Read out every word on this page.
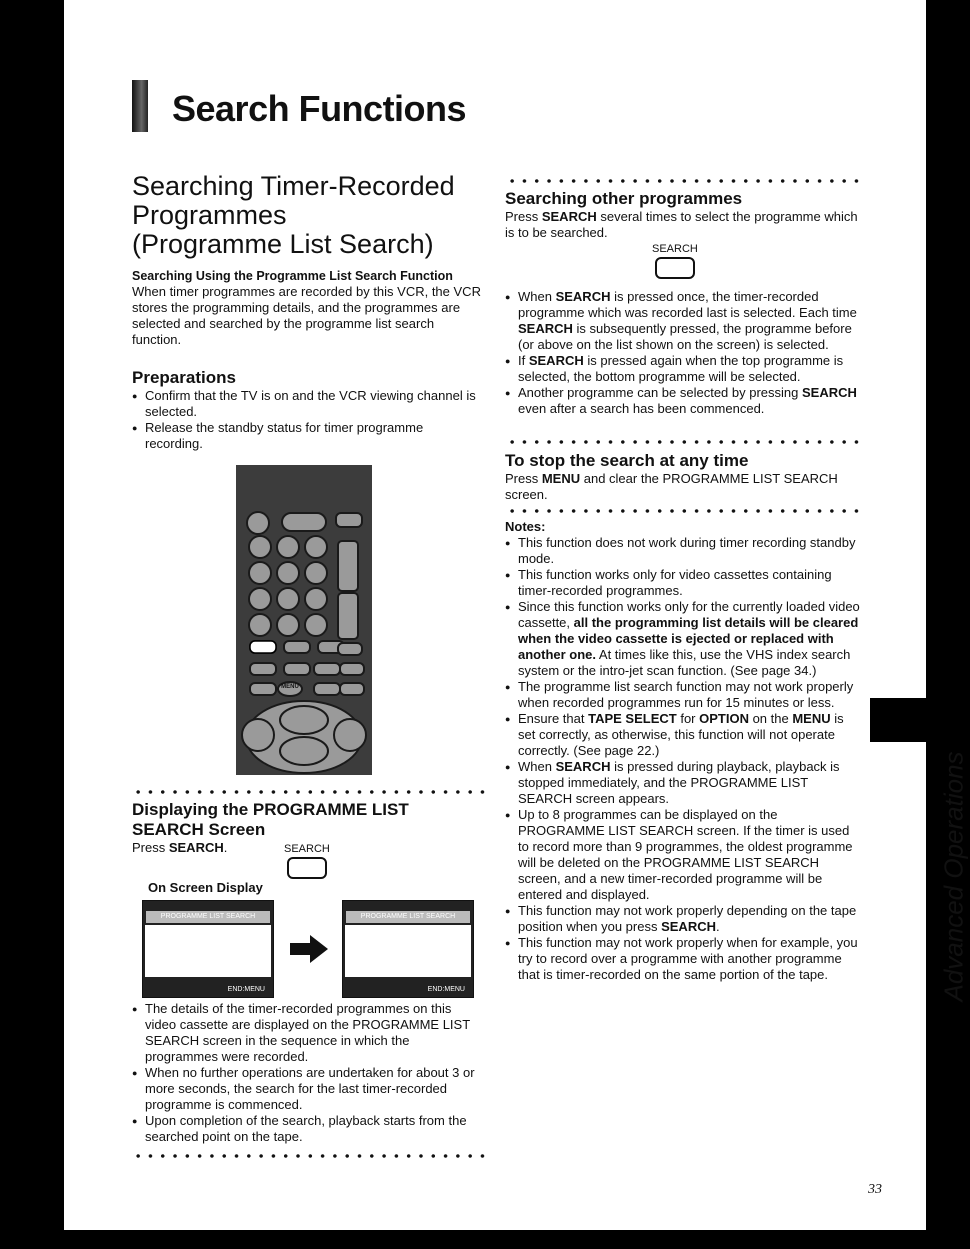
Search Functions
Searching Timer-Recorded
Programmes
(Programme List Search)

Searching Using the Programme List Search Function

When timer programmes are recorded by this VCR, the VCR stores the programming details, and the programmes are selected and searched by the programme list search function.

Preparations

● Confirm that the TV is on and the VCR viewing channel is selected.
● Release the standby status for timer programme recording.
MENU

Displaying the PROGRAMME LIST SEARCH Screen

Press SEARCH.	SEARCH

On Screen Display

PROGRAMME LIST SEARCH
END:MENU
PROGRAMME LIST SEARCH
END:MENU
● The details of the timer-recorded programmes on this video cassette are displayed on the PROGRAMME LIST SEARCH screen in the sequence in which the programmes were recorded.
● When no further operations are undertaken for about 3 or more seconds, the search for the last timer-recorded programme is commenced.
● Upon completion of the search, playback starts from the searched point on the tape.

Searching other programmes

Press SEARCH several times to select the programme which is to be searched.

SEARCH
● When SEARCH is pressed once, the timer-recorded programme which was recorded last is selected. Each time SEARCH is subsequently pressed, the programme before (or above on the list shown on the screen) is selected.
● If SEARCH is pressed again when the top programme is selected, the bottom programme will be selected.
● Another programme can be selected by pressing SEARCH even after a search has been commenced.

To stop the search at any time

Press MENU and clear the PROGRAMME LIST SEARCH screen.

Notes:

● This function does not work during timer recording standby mode.
● This function works only for video cassettes containing timer-recorded programmes.
● Since this function works only for the currently loaded video cassette, all the programming list details will be cleared when the video cassette is ejected or replaced with another one. At times like this, use the VHS index search system or the intro-jet scan function. (See page 34.)
● The programme list search function may not work properly when recorded programmes run for 15 minutes or less.
● Ensure that TAPE SELECT for OPTION on the MENU is set correctly, as otherwise, this function will not operate correctly. (See page 22.)
● When SEARCH is pressed during playback, playback is stopped immediately, and the PROGRAMME LIST SEARCH screen appears.
● Up to 8 programmes can be displayed on the PROGRAMME LIST SEARCH screen. If the timer is used to record more than 9 programmes, the oldest programme will be deleted on the PROGRAMME LIST SEARCH screen, and a new timer-recorded programme will be entered and displayed.
● This function may not work properly depending on the tape position when you press SEARCH.
● This function may not work properly when for example, you try to record over a programme with another programme that is timer-recorded on the same portion of the tape.	Advanced Operations
33
